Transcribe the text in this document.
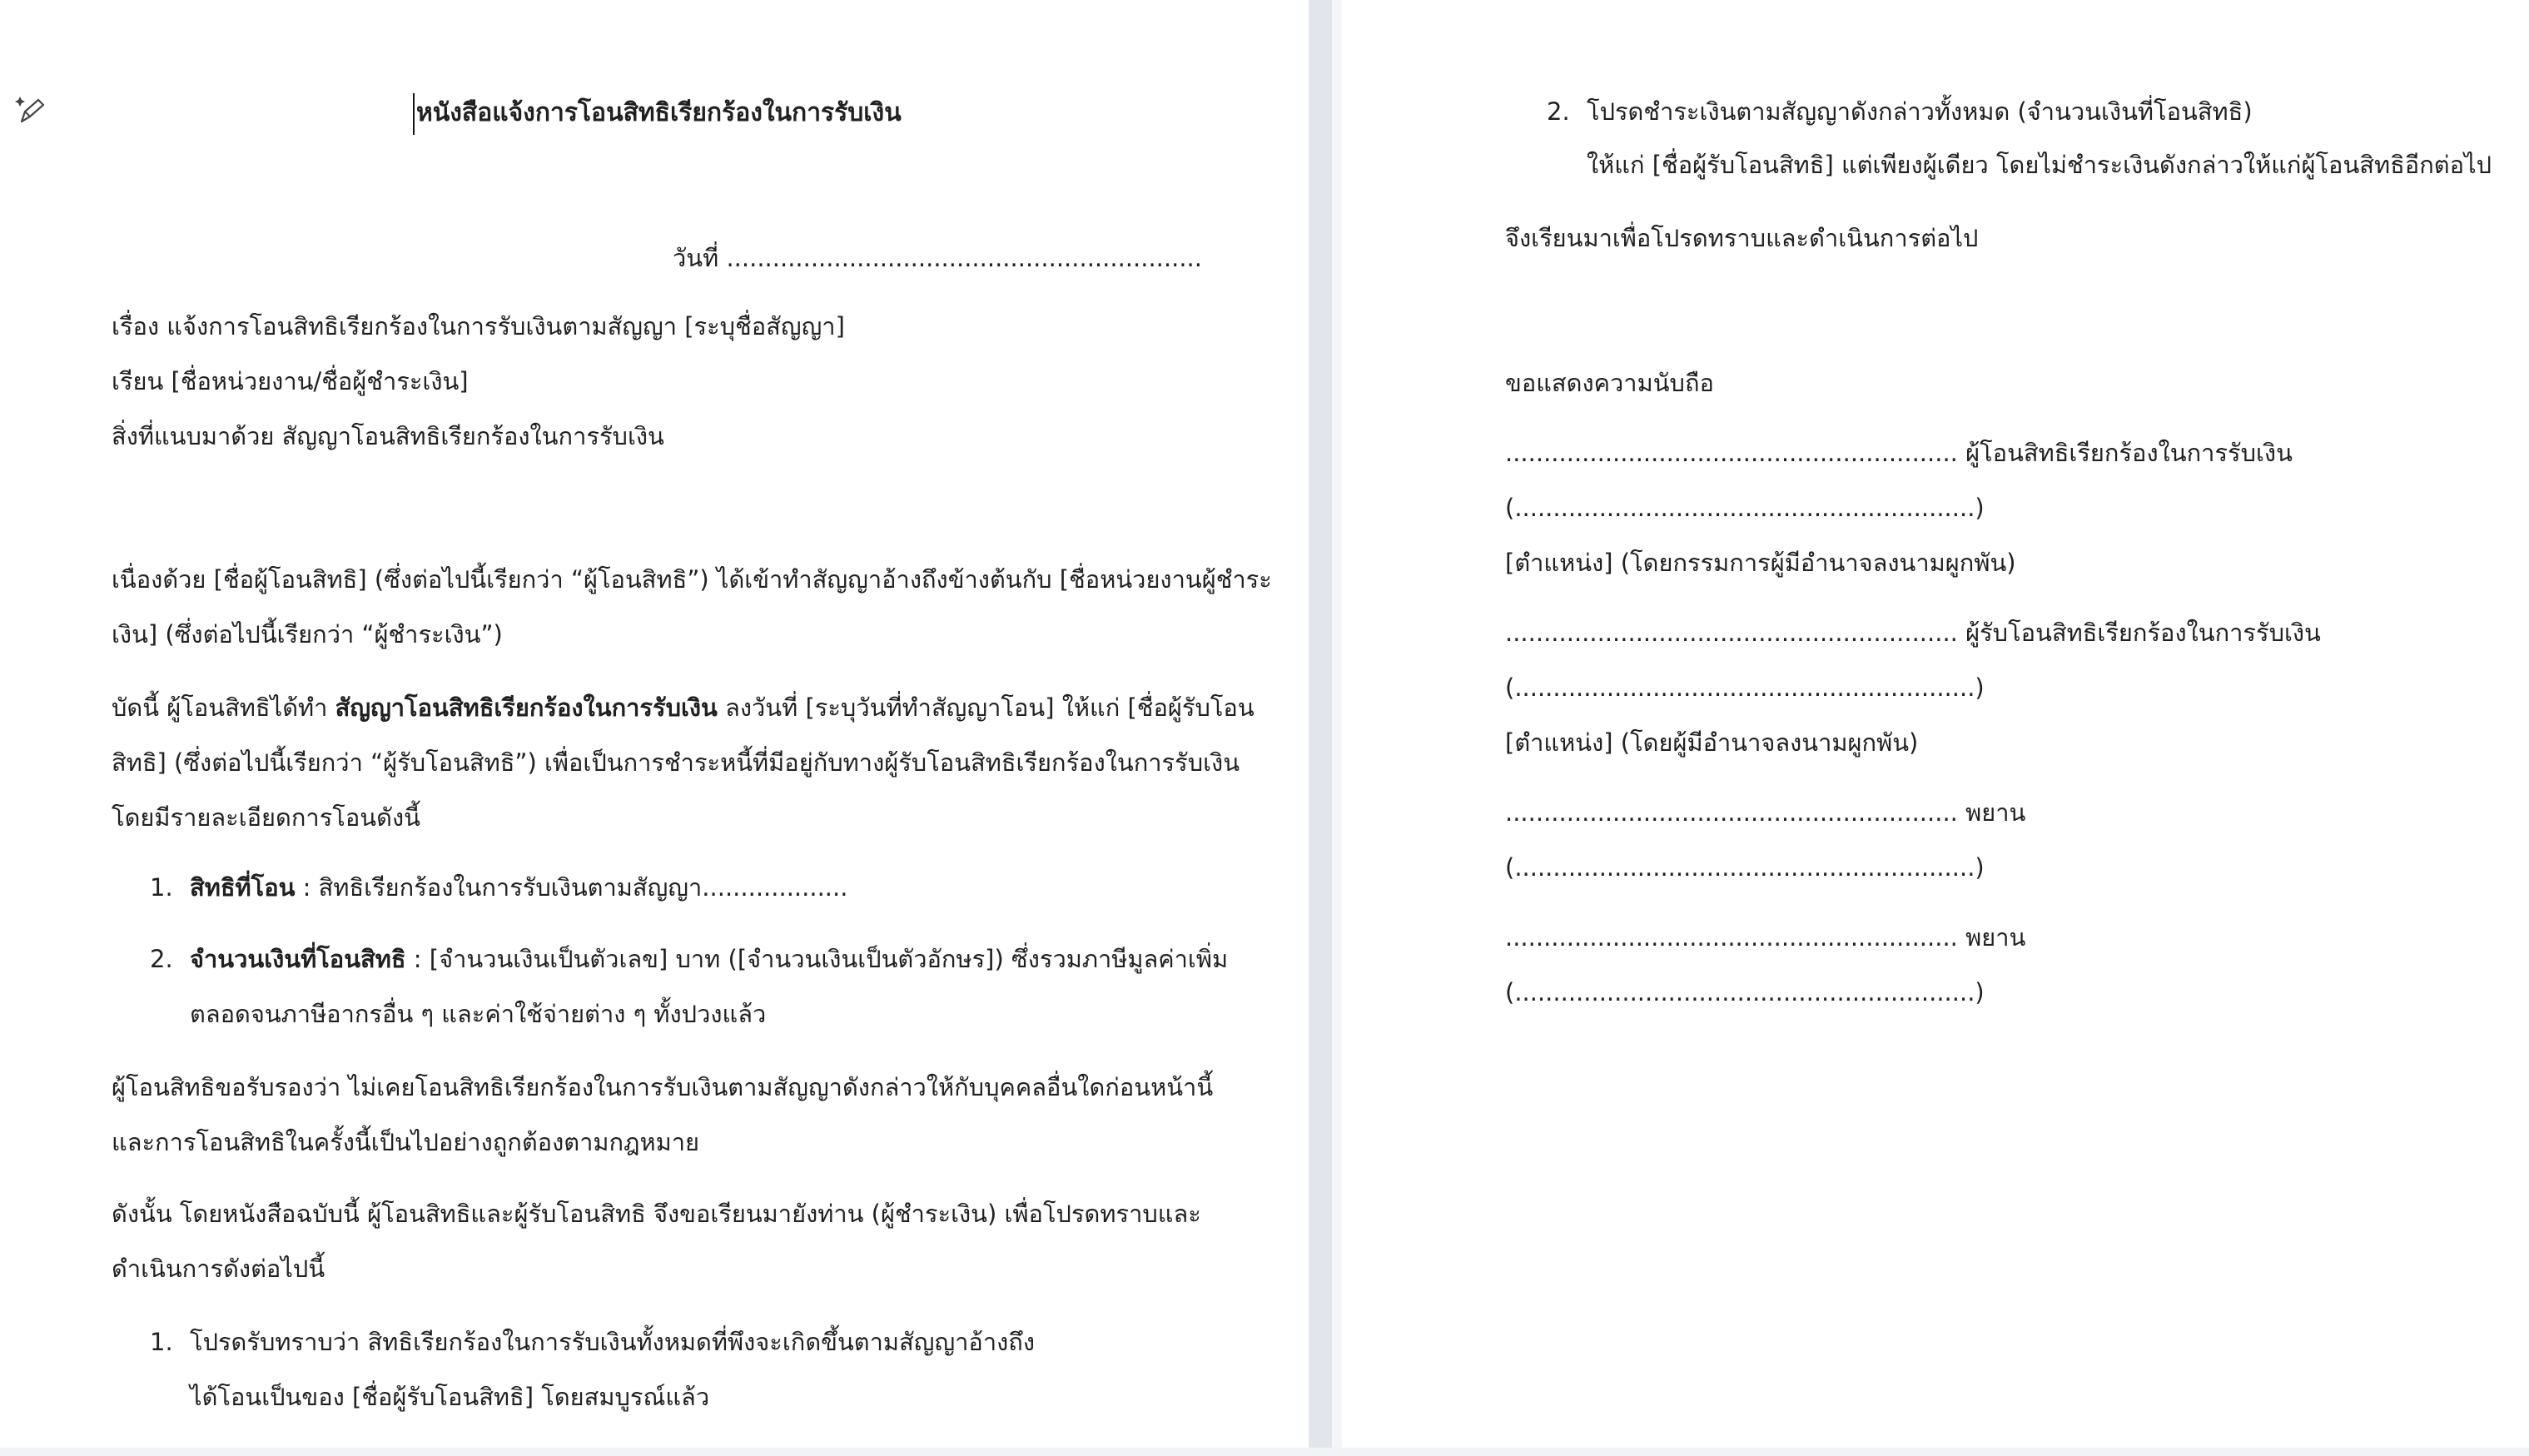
หนังสือแจ้งการโอนสิทธิเรียกร้องในการรับเงิน

วันที่ ..............................................................

เรื่อง แจ้งการโอนสิทธิเรียกร้องในการรับเงินตามสัญญา [ระบุชื่อสัญญา]

เรียน [ชื่อหน่วยงาน/ชื่อผู้ชำระเงิน]

สิ่งที่แนบมาด้วย สัญญาโอนสิทธิเรียกร้องในการรับเงิน

เนื่องด้วย [ชื่อผู้โอนสิทธิ] (ซึ่งต่อไปนี้เรียกว่า “ผู้โอนสิทธิ”) ได้เข้าทำสัญญาอ้างถึงข้างต้นกับ [ชื่อหน่วยงานผู้ชำระ

เงิน] (ซึ่งต่อไปนี้เรียกว่า “ผู้ชำระเงิน”)

บัดนี้ ผู้โอนสิทธิได้ทำ สัญญาโอนสิทธิเรียกร้องในการรับเงิน ลงวันที่ [ระบุวันที่ทำสัญญาโอน] ให้แก่ [ชื่อผู้รับโอน

สิทธิ] (ซึ่งต่อไปนี้เรียกว่า “ผู้รับโอนสิทธิ”) เพื่อเป็นการชำระหนี้ที่มีอยู่กับทางผู้รับโอนสิทธิเรียกร้องในการรับเงิน

โดยมีรายละเอียดการโอนดังนี้

1. สิทธิที่โอน : สิทธิเรียกร้องในการรับเงินตามสัญญา...................

2. จำนวนเงินที่โอนสิทธิ : [จำนวนเงินเป็นตัวเลข] บาท ([จำนวนเงินเป็นตัวอักษร]) ซึ่งรวมภาษีมูลค่าเพิ่ม

ตลอดจนภาษีอากรอื่น ๆ และค่าใช้จ่ายต่าง ๆ ทั้งปวงแล้ว

ผู้โอนสิทธิขอรับรองว่า ไม่เคยโอนสิทธิเรียกร้องในการรับเงินตามสัญญาดังกล่าวให้กับบุคคลอื่นใดก่อนหน้านี้

และการโอนสิทธิในครั้งนี้เป็นไปอย่างถูกต้องตามกฎหมาย

ดังนั้น โดยหนังสือฉบับนี้ ผู้โอนสิทธิและผู้รับโอนสิทธิ จึงขอเรียนมายังท่าน (ผู้ชำระเงิน) เพื่อโปรดทราบและ

ดำเนินการดังต่อไปนี้

1. โปรดรับทราบว่า สิทธิเรียกร้องในการรับเงินทั้งหมดที่พึงจะเกิดขึ้นตามสัญญาอ้างถึง

ได้โอนเป็นของ [ชื่อผู้รับโอนสิทธิ] โดยสมบูรณ์แล้ว

2. โปรดชำระเงินตามสัญญาดังกล่าวทั้งหมด (จำนวนเงินที่โอนสิทธิ)

ให้แก่ [ชื่อผู้รับโอนสิทธิ] แต่เพียงผู้เดียว โดยไม่ชำระเงินดังกล่าวให้แก่ผู้โอนสิทธิอีกต่อไป

จึงเรียนมาเพื่อโปรดทราบและดำเนินการต่อไป

ขอแสดงความนับถือ

........................................................... ผู้โอนสิทธิเรียกร้องในการรับเงิน

(............................................................)

[ตำแหน่ง] (โดยกรรมการผู้มีอำนาจลงนามผูกพัน)

........................................................... ผู้รับโอนสิทธิเรียกร้องในการรับเงิน

(............................................................)

[ตำแหน่ง] (โดยผู้มีอำนาจลงนามผูกพัน)

........................................................... พยาน

(............................................................)

........................................................... พยาน

(............................................................)
